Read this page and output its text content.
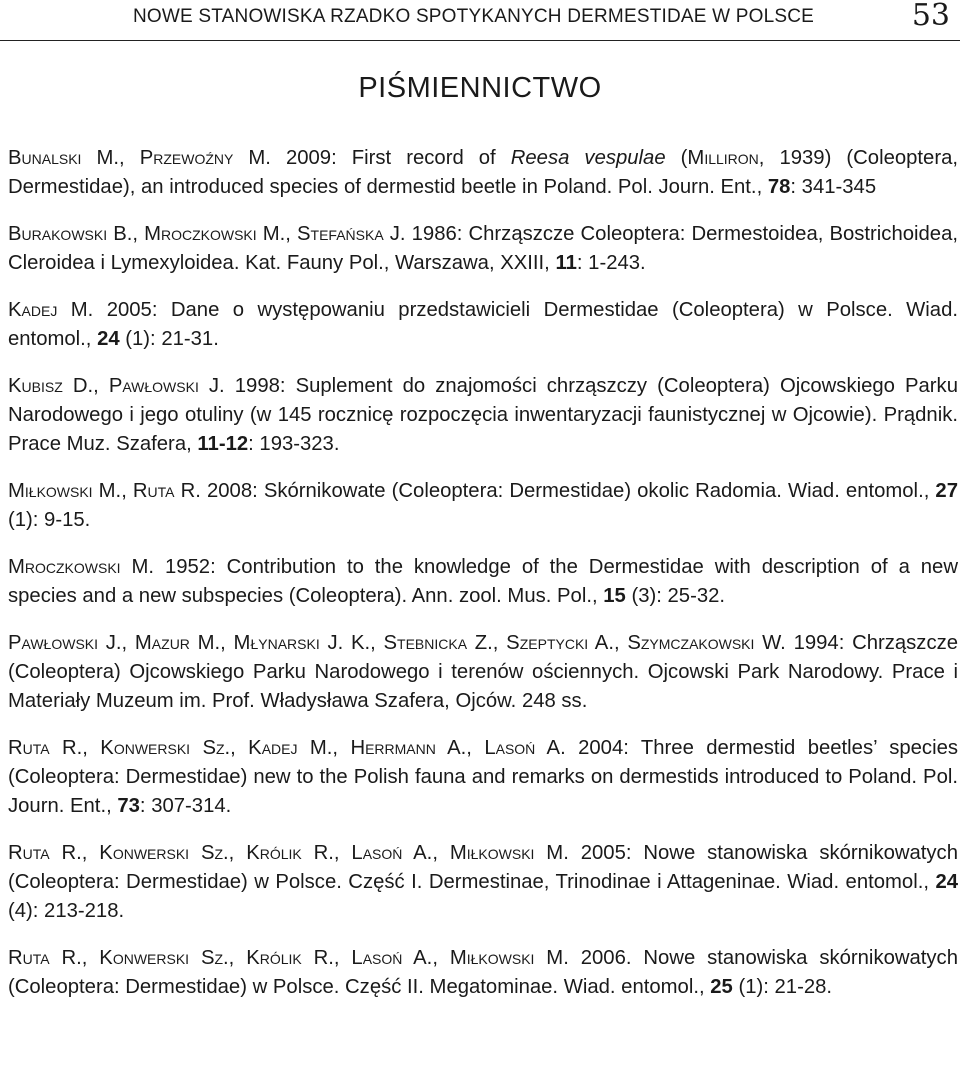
NOWE STANOWISKA RZADKO SPOTYKANYCH DERMESTIDAE W POLSCE	53
PIŚMIENNICTWO

Bunalski M., Przewoźny M. 2009: First record of Reesa vespulae (Milliron, 1939) (Coleoptera, Dermestidae), an introduced species of dermestid beetle in Poland. Pol. Journ. Ent., 78: 341-345

Burakowski B., Mroczkowski M., Stefańska J. 1986: Chrząszcze Coleoptera: Dermestoidea, Bostrichoidea, Cleroidea i Lymexyloidea. Kat. Fauny Pol., Warszawa, XXIII, 11: 1-243.

Kadej M. 2005: Dane o występowaniu przedstawicieli Dermestidae (Coleoptera) w Polsce. Wiad. entomol., 24 (1): 21-31.

Kubisz D., Pawłowski J. 1998: Suplement do znajomości chrząszczy (Coleoptera) Ojcowskiego Parku Narodowego i jego otuliny (w 145 rocznicę rozpoczęcia inwentaryzacji faunistycznej w Ojcowie). Prądnik. Prace Muz. Szafera, 11-12: 193-323.

Miłkowski M., Ruta R. 2008: Skórnikowate (Coleoptera: Dermestidae) okolic Radomia. Wiad. entomol., 27 (1): 9-15.

Mroczkowski M. 1952: Contribution to the knowledge of the Dermestidae with description of a new species and a new subspecies (Coleoptera). Ann. zool. Mus. Pol., 15 (3): 25-32.

Pawłowski J., Mazur M., Młynarski J. K., Stebnicka Z., Szeptycki A., Szymczakowski W. 1994: Chrząszcze (Coleoptera) Ojcowskiego Parku Narodowego i terenów ościennych. Ojcowski Park Narodowy. Prace i Materiały Muzeum im. Prof. Władysława Szafera, Ojców. 248 ss.

Ruta R., Konwerski Sz., Kadej M., Herrmann A., Lasoń A. 2004: Three dermestid beetles’ species (Coleoptera: Dermestidae) new to the Polish fauna and remarks on dermestids introduced to Poland. Pol. Journ. Ent., 73: 307-314.

Ruta R., Konwerski Sz., Królik R., Lasoń A., Miłkowski M. 2005: Nowe stanowiska skórnikowatych (Coleoptera: Dermestidae) w Polsce. Część I. Dermestinae, Trinodinae i Attageninae. Wiad. entomol., 24 (4): 213-218.

Ruta R., Konwerski Sz., Królik R., Lasoń A., Miłkowski M. 2006. Nowe stanowiska skórnikowatych (Coleoptera: Dermestidae) w Polsce. Część II. Megatominae. Wiad. entomol., 25 (1): 21-28.
